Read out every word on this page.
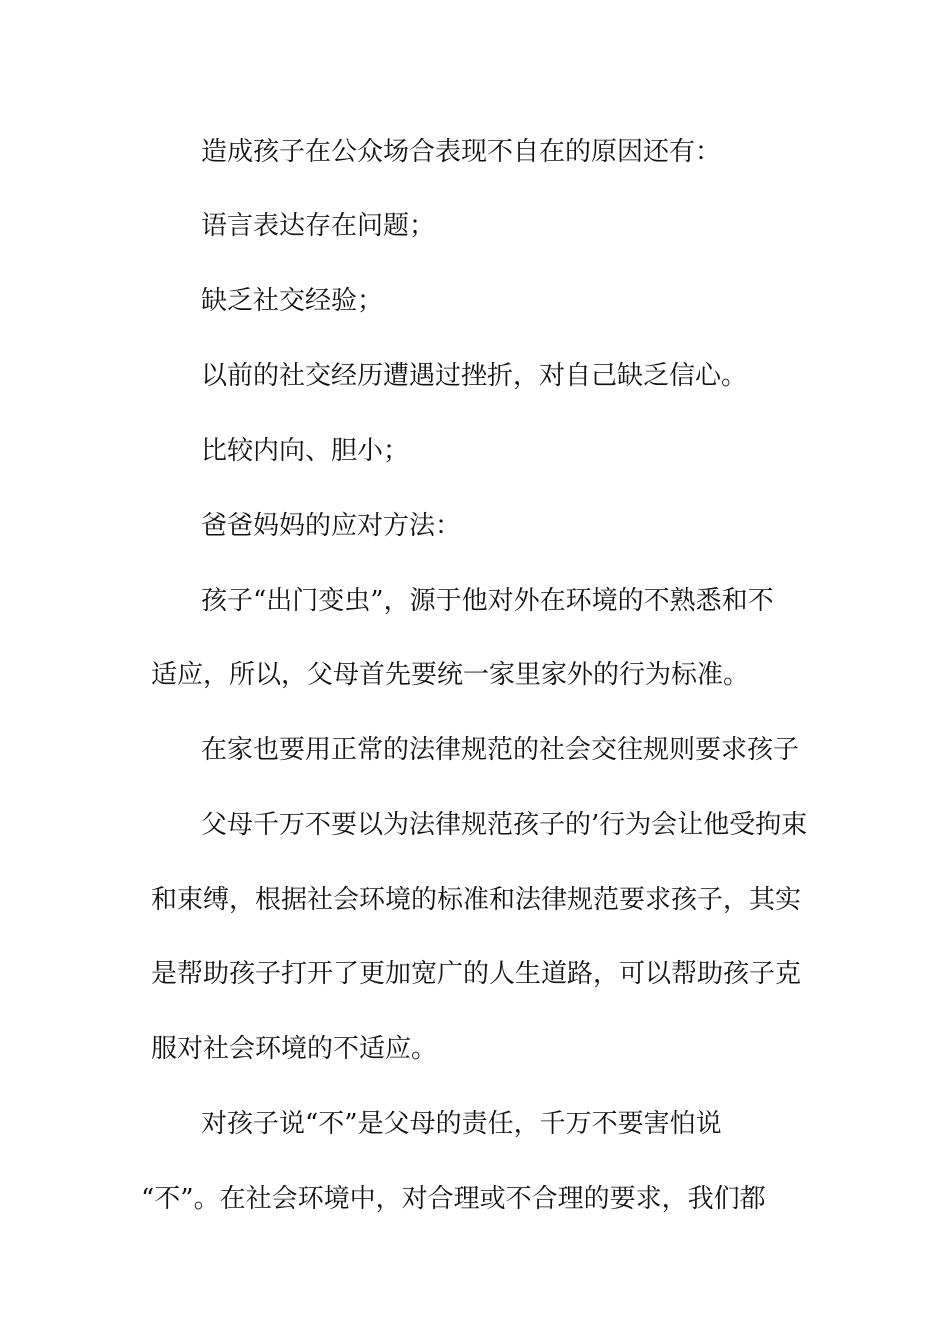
造成孩子在公众场合表现不自在的原因还有：
语言表达存在问题；
缺乏社交经验；
以前的社交经历遭遇过挫折，对自己缺乏信心。
比较内向、胆小；
爸爸妈妈的应对方法：
孩子“出门变虫”，源于他对外在环境的不熟悉和不
适应，所以，父母首先要统一家里家外的行为标准。
在家也要用正常的法律规范的社会交往规则要求孩子
父母千万不要以为法律规范孩子的’行为会让他受拘束
和束缚，根据社会环境的标准和法律规范要求孩子，其实
是帮助孩子打开了更加宽广的人生道路，可以帮助孩子克
服对社会环境的不适应。
对孩子说“不”是父母的责任，千万不要害怕说
“不”。在社会环境中，对合理或不合理的要求，我们都
